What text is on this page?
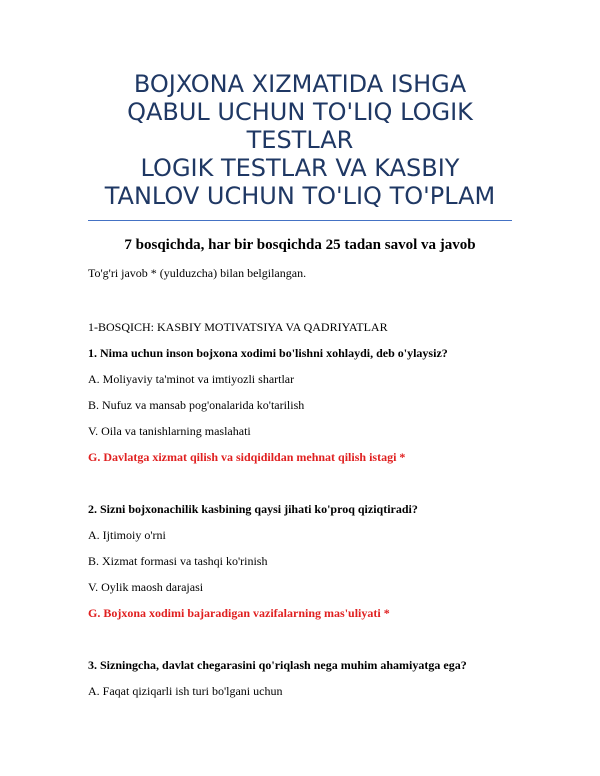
BOJXONA XIZMATIDA ISHGA
QABUL UCHUN TO'LIQ LOGIK
TESTLAR
LOGIK TESTLAR VA KASBIY
TANLOV UCHUN TO'LIQ TO'PLAM
7 bosqichda, har bir bosqichda 25 tadan savol va javob
To'g'ri javob * (yulduzcha) bilan belgilangan.
1-BOSQICH: KASBIY MOTIVATSIYA VA QADRIYATLAR
1. Nima uchun inson bojxona xodimi bo'lishni xohlaydi, deb o'ylaysiz?
A. Moliyaviy ta'minot va imtiyozli shartlar
B. Nufuz va mansab pog'onalarida ko'tarilish
V. Oila va tanishlarning maslahati
G. Davlatga xizmat qilish va sidqidildan mehnat qilish istagi *
2. Sizni bojxonachilik kasbining qaysi jihati ko'proq qiziqtiradi?
A. Ijtimoiy o'rni
B. Xizmat formasi va tashqi ko'rinish
V. Oylik maosh darajasi
G. Bojxona xodimi bajaradigan vazifalarning mas'uliyati *
3. Sizningcha, davlat chegarasini qo'riqlash nega muhim ahamiyatga ega?
A. Faqat qiziqarli ish turi bo'lgani uchun
